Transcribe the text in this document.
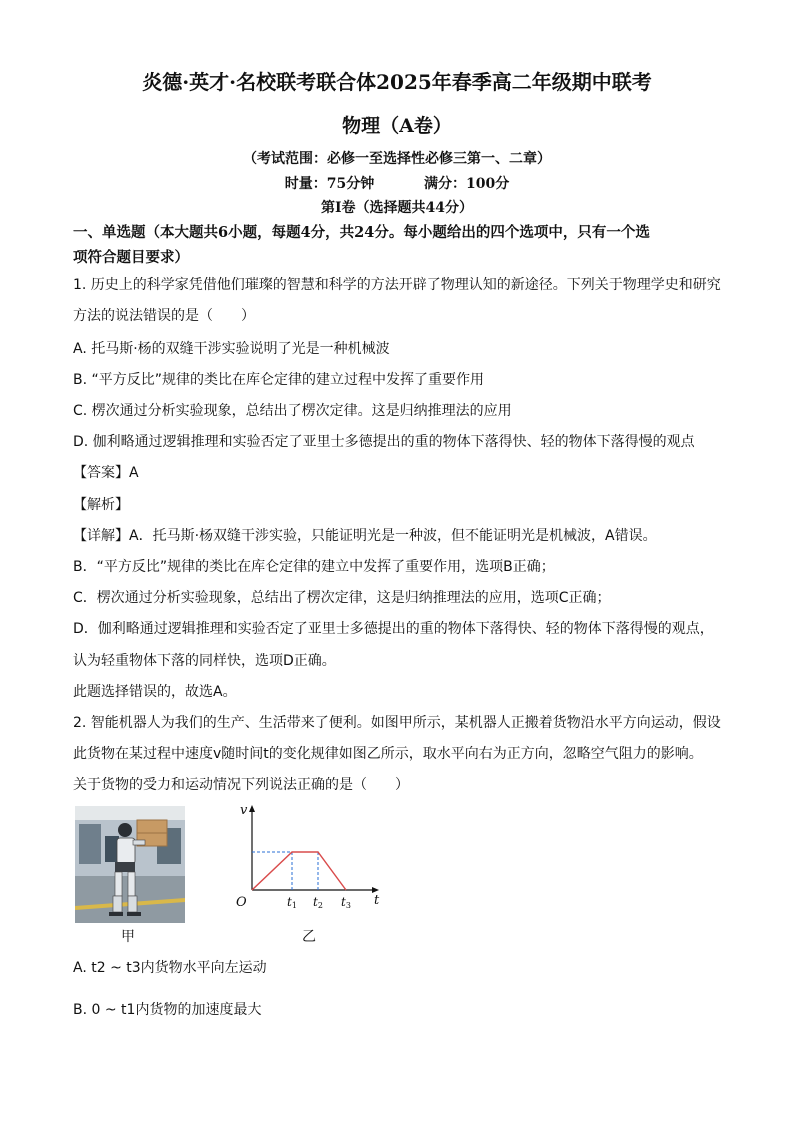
炎德·英才·名校联考联合体2025年春季高二年级期中联考
物理（A卷）
（考试范围：必修一至选择性必修三第一、二章）
时量：75分钟	满分：100分
第Ⅰ卷（选择题共44分）
一、单选题（本大题共6小题，每题4分，共24分。每小题给出的四个选项中，只有一个选
项符合题目要求）
1. 历史上的科学家凭借他们璀璨的智慧和科学的方法开辟了物理认知的新途径。下列关于物理学史和研究
方法的说法错误的是（　　）
A. 托马斯·杨的双缝干涉实验说明了光是一种机械波
B. “平方反比”规律的类比在库仑定律的建立过程中发挥了重要作用
C. 楞次通过分析实验现象，总结出了楞次定律。这是归纳推理法的应用
D. 伽利略通过逻辑推理和实验否定了亚里士多德提出的重的物体下落得快、轻的物体下落得慢的观点
【答案】A
【解析】
【详解】A．托马斯·杨双缝干涉实验，只能证明光是一种波，但不能证明光是机械波，A错误。
B．“平方反比”规律的类比在库仑定律的建立中发挥了重要作用，选项B正确；
C．楞次通过分析实验现象，总结出了楞次定律，这是归纳推理法的应用，选项C正确；
D．伽利略通过逻辑推理和实验否定了亚里士多德提出的重的物体下落得快、轻的物体下落得慢的观点，
认为轻重物体下落的同样快，选项D正确。
此题选择错误的，故选A。
2. 智能机器人为我们的生产、生活带来了便利。如图甲所示，某机器人正搬着货物沿水平方向运动，假设
此货物在某过程中速度v随时间t的变化规律如图乙所示，取水平向右为正方向，忽略空气阻力的影响。
关于货物的受力和运动情况下列说法正确的是（　　）
甲
v
t
O	t1 t2 t3
乙
A. t2 ~ t3内货物水平向左运动
B. 0 ~ t1内货物的加速度最大
